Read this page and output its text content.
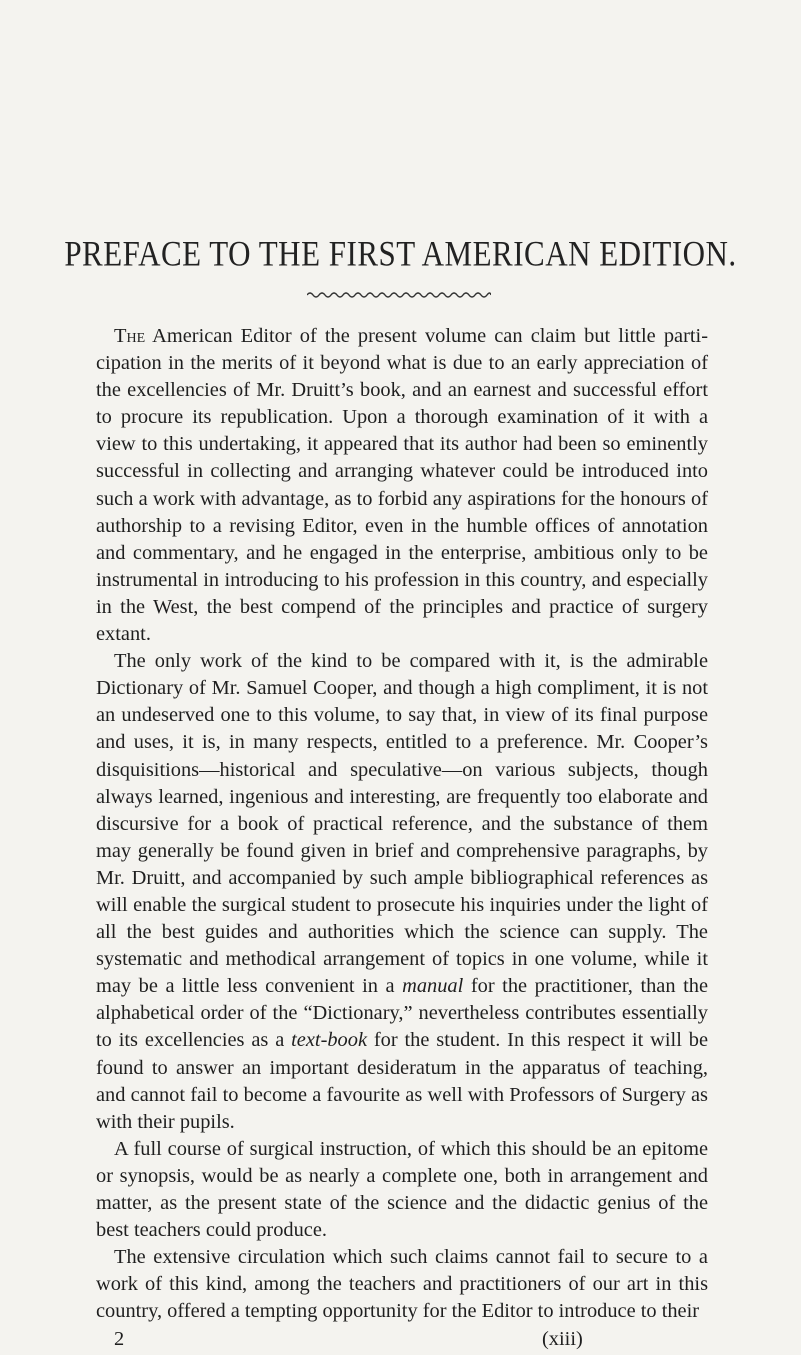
PREFACE TO THE FIRST AMERICAN EDITION.

The American Editor of the present volume can claim but little participation in the merits of it beyond what is due to an early appreciation of the excellencies of Mr. Druitt’s book, and an earnest and successful effort to procure its republication. Upon a thorough examination of it with a view to this undertaking, it appeared that its author had been so eminently successful in collecting and arranging whatever could be introduced into such a work with advantage, as to forbid any aspirations for the honours of authorship to a revising Editor, even in the humble offices of annotation and commentary, and he engaged in the enterprise, ambitious only to be instrumental in introducing to his profession in this country, and especially in the West, the best compend of the principles and practice of surgery extant.

The only work of the kind to be compared with it, is the admirable Dictionary of Mr. Samuel Cooper, and though a high compliment, it is not an undeserved one to this volume, to say that, in view of its final purpose and uses, it is, in many respects, entitled to a preference. Mr. Cooper’s disquisitions—historical and speculative—on various subjects, though always learned, ingenious and interesting, are frequently too elaborate and discursive for a book of practical reference, and the substance of them may generally be found given in brief and comprehensive paragraphs, by Mr. Druitt, and accompanied by such ample bibliographical references as will enable the surgical student to prosecute his inquiries under the light of all the best guides and authorities which the science can supply. The systematic and methodical arrangement of topics in one volume, while it may be a little less convenient in a manual for the practitioner, than the alphabetical order of the “Dictionary,” nevertheless contributes essentially to its excellencies as a text-book for the student. In this respect it will be found to answer an important desideratum in the apparatus of teaching, and cannot fail to become a favourite as well with Professors of Surgery as with their pupils.

A full course of surgical instruction, of which this should be an epitome or synopsis, would be as nearly a complete one, both in arrangement and matter, as the present state of the science and the didactic genius of the best teachers could produce.

The extensive circulation which such claims cannot fail to secure to a work of this kind, among the teachers and practitioners of our art in this country, offered a tempting opportunity for the Editor to introduce to their

2	(xiii)
